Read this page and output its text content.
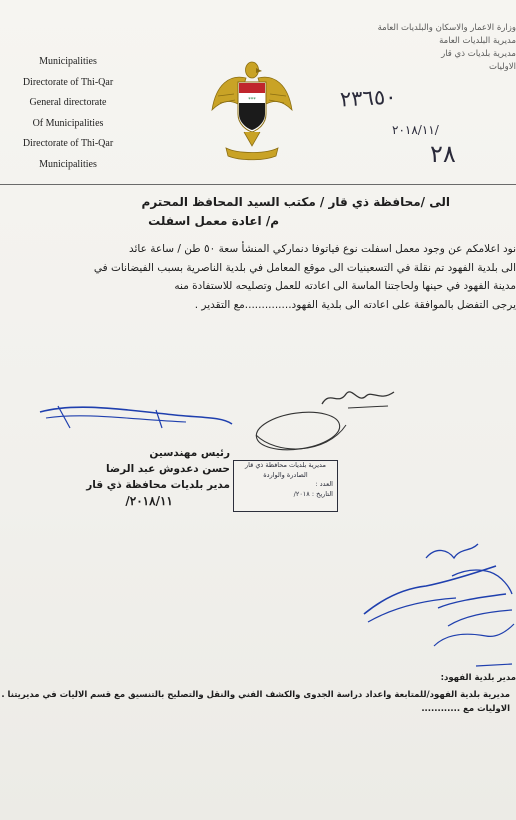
Municipalities
Directorate of Thi-Qar
General directorate
Of Municipalities
Directorate of Thi-Qar
Municipalities
وزارة الاعمار والاسكان والبلديات العامة
مديرية البلديات العامة
مديرية بلديات ذي قار
الاوليات
***	٢٣٦٥٠
٢٠١٨/١١/
٢٨
الى /محافظة ذي قار / مكتب السيد المحافظ المحترم
م/ اعادة معمل اسفلت
نود اعلامكم عن وجود معمل اسفلت نوع فياتوفا دنماركي المنشأ سعة ٥٠ طن / ساعة عائد
الى بلدية الفهود تم نقلة في التسعينيات الى موقع المعامل في بلدية الناصرية بسبب الفيضانات في
مدينة الفهود في حينها ولحاجتنا الماسة الى اعادته للعمل وتصليحه للاستفادة منه
يرجى التفضل بالموافقة على اعادته الى بلدية الفهود..............مع التقدير .
رئيس مهندسين
حسن دعدوش عبد الرضا
مدير بلديات محافظة ذي قار
٢٠١٨/١١/
مديرية بلديات محافظة ذي قار
الصادرة والواردة
العدد :
التاريخ : ٢٠١٨/
مدير بلدية الفهود:
مديرية بلدية الفهود/للمتابعة واعداد دراسة الجدوى والكشف الفني والنقل والتصليح بالتنسيق مع قسم الاليات في مديريتنا .
الاوليات مع ............
